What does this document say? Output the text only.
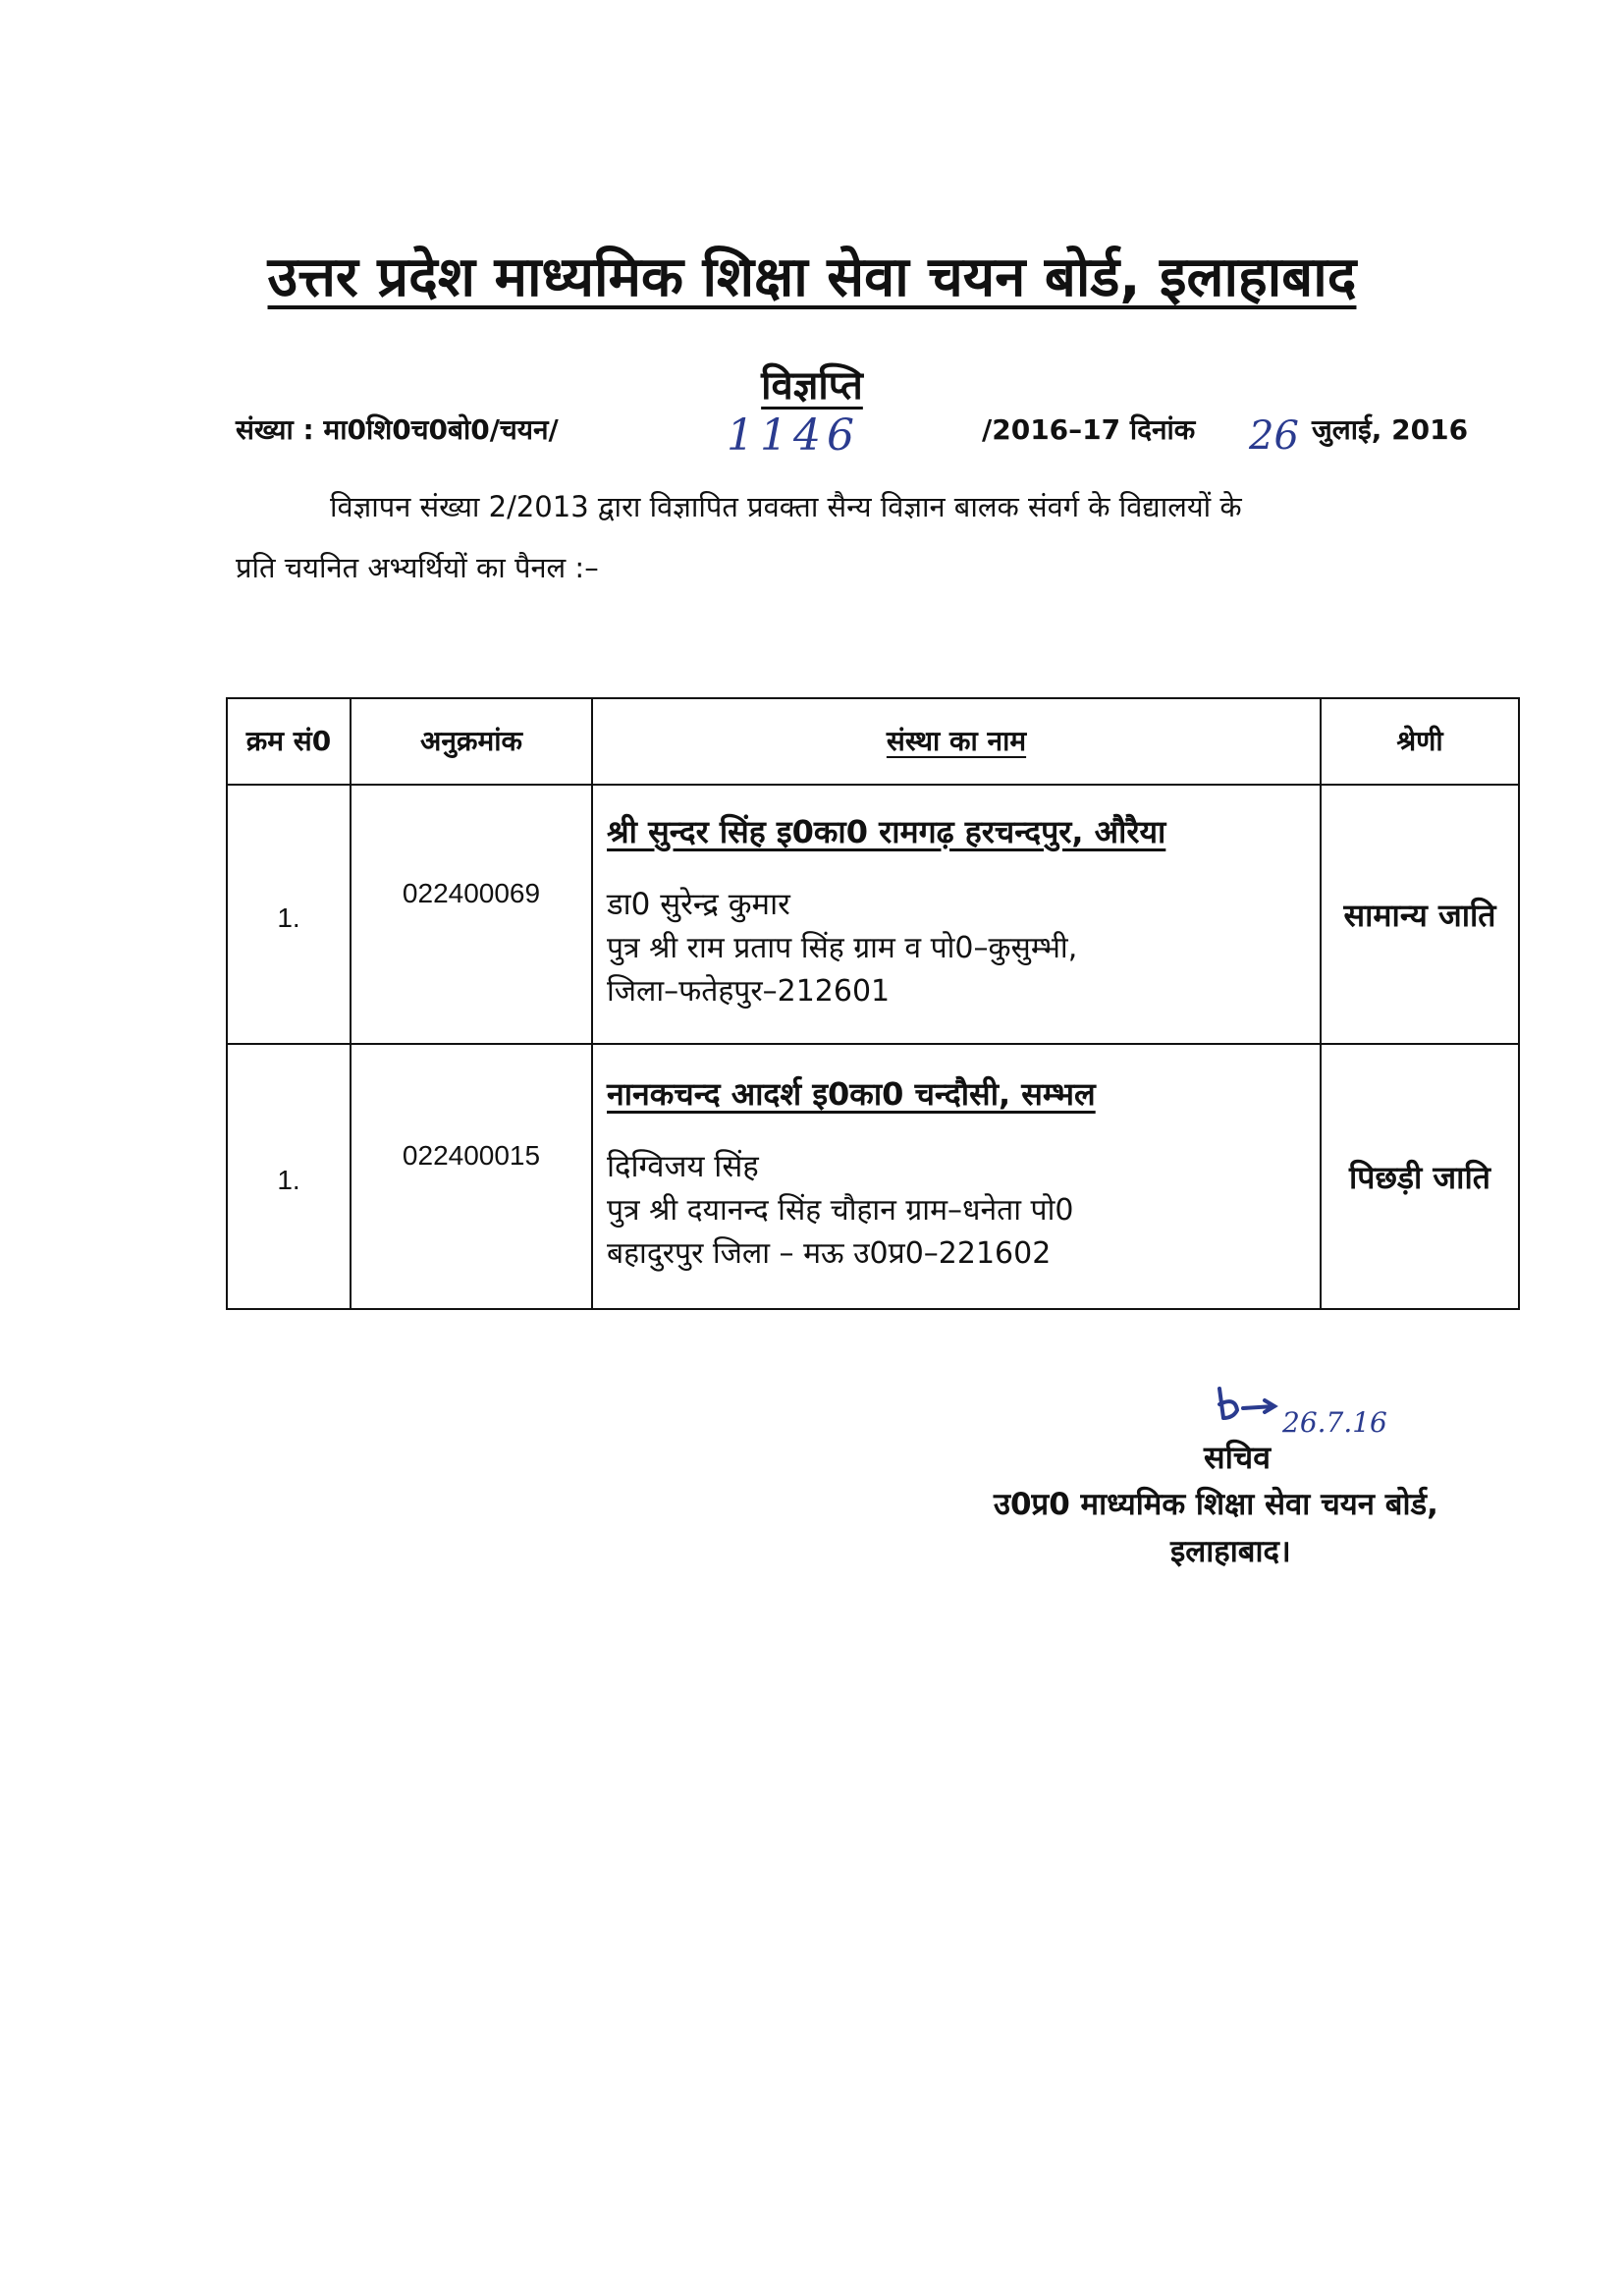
उत्तर प्रदेश माध्यमिक शिक्षा सेवा चयन बोर्ड, इलाहाबाद
विज्ञप्ति
संख्या : मा0शि0च0बो0/चयन/	1146	/2016–17 दिनांक 26 जुलाई, 2016
विज्ञापन संख्या 2/2013 द्वारा विज्ञापित प्रवक्ता सैन्य विज्ञान बालक संवर्ग के विद्यालयों के
प्रति चयनित अभ्यर्थियों का पैनल :–
क्रम सं0	अनुक्रमांक	संस्था का नाम	श्रेणी
1.	022400069	श्री सुन्दर सिंह इ0का0 रामगढ़ हरचन्दपुर, औरैया
डा0 सुरेन्द्र कुमार
पुत्र श्री राम प्रताप सिंह ग्राम व पो0–कुसुम्भी,
जिला–फतेहपुर–212601	सामान्य जाति
1.	022400015	नानकचन्द आदर्श इ0का0 चन्दौसी, सम्भल
दिग्विजय सिंह
पुत्र श्री दयानन्द सिंह चौहान ग्राम–धनेता पो0
बहादुरपुर जिला – मऊ उ0प्र0–221602	पिछड़ी जाति
26.7.16
सचिव
उ0प्र0 माध्यमिक शिक्षा सेवा चयन बोर्ड,
इलाहाबाद।
